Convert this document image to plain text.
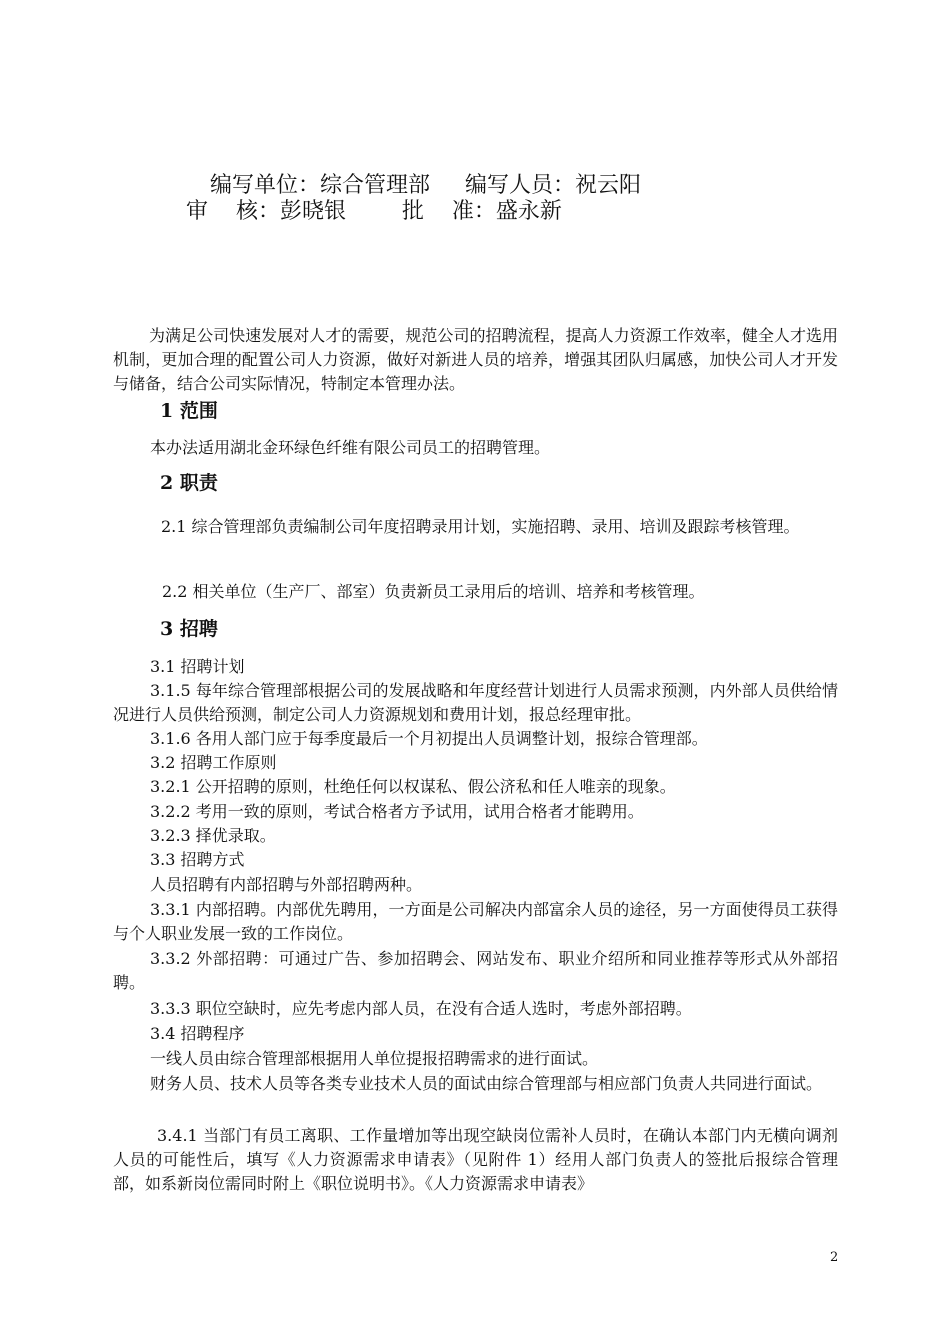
编写单位：综合管理部     编写人员：祝云阳
审    核：彭晓银        批    准：盛永新
为满足公司快速发展对人才的需要，规范公司的招聘流程，提高人力资源工作效率，健全人才选用机制，更加合理的配置公司人力资源，做好对新进人员的培养，增强其团队归属感，加快公司人才开发与储备，结合公司实际情况，特制定本管理办法。
1 范围
本办法适用湖北金环绿色纤维有限公司员工的招聘管理。
2 职责
2.1 综合管理部负责编制公司年度招聘录用计划，实施招聘、录用、培训及跟踪考核管理。
2.2 相关单位（生产厂、部室）负责新员工录用后的培训、培养和考核管理。
3 招聘
3.1 招聘计划
3.1.5 每年综合管理部根据公司的发展战略和年度经营计划进行人员需求预测，内外部人员供给情况进行人员供给预测，制定公司人力资源规划和费用计划，报总经理审批。
3.1.6 各用人部门应于每季度最后一个月初提出人员调整计划，报综合管理部。
3.2 招聘工作原则
3.2.1 公开招聘的原则，杜绝任何以权谋私、假公济私和任人唯亲的现象。
3.2.2 考用一致的原则，考试合格者方予试用，试用合格者才能聘用。
3.2.3 择优录取。
3.3 招聘方式
人员招聘有内部招聘与外部招聘两种。
3.3.1 内部招聘。内部优先聘用，一方面是公司解决内部富余人员的途径，另一方面使得员工获得与个人职业发展一致的工作岗位。
3.3.2 外部招聘：可通过广告、参加招聘会、网站发布、职业介绍所和同业推荐等形式从外部招聘。
3.3.3 职位空缺时，应先考虑内部人员，在没有合适人选时，考虑外部招聘。
3.4 招聘程序
一线人员由综合管理部根据用人单位提报招聘需求的进行面试。
财务人员、技术人员等各类专业技术人员的面试由综合管理部与相应部门负责人共同进行面试。
3.4.1 当部门有员工离职、工作量增加等出现空缺岗位需补人员时，在确认本部门内无横向调剂人员的可能性后，填写《人力资源需求申请表》（见附件 1）经用人部门负责人的签批后报综合管理部，如系新岗位需同时附上《职位说明书》。《人力资源需求申请表》
2
